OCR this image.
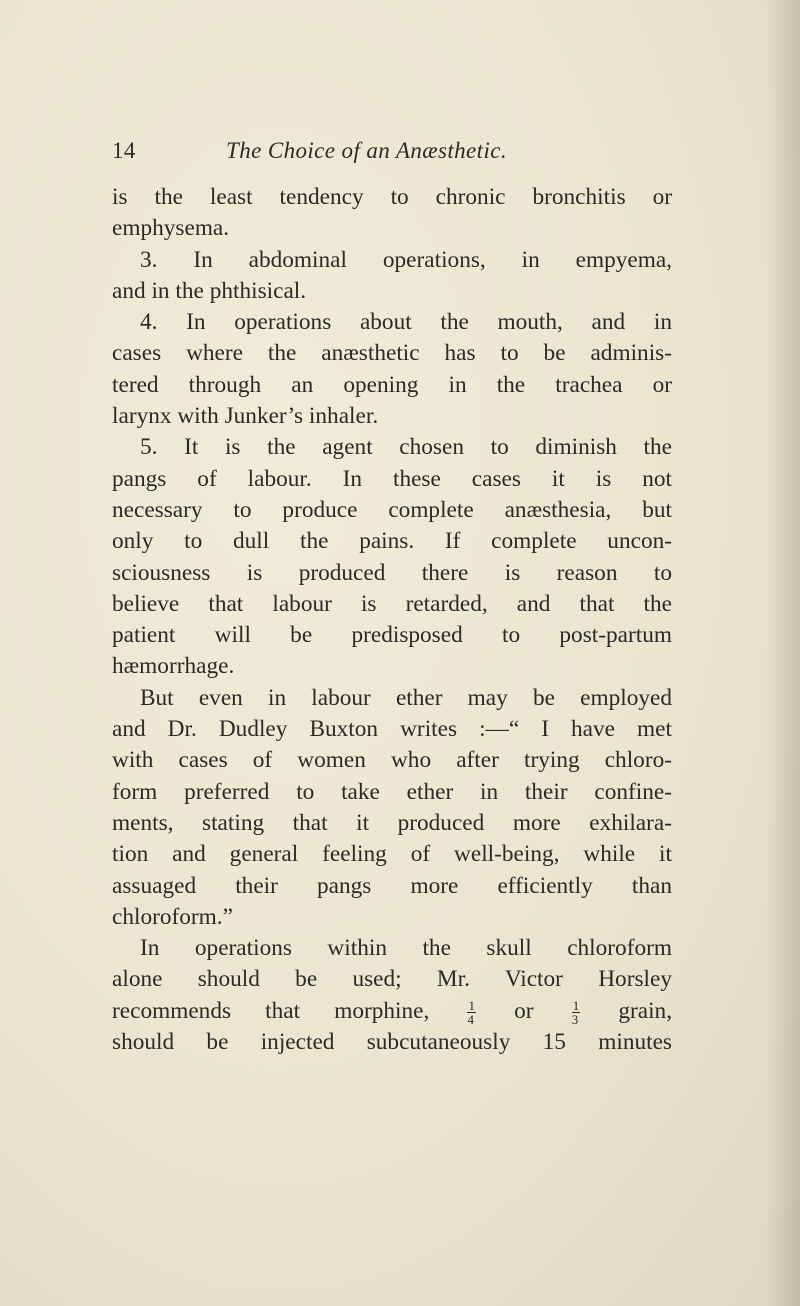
14	The Choice of an Anæsthetic.
is the least tendency to chronic bronchitis or
emphysema.
3. In abdominal operations, in empyema,
and in the phthisical.
4. In operations about the mouth, and in
cases where the anæsthetic has to be adminis-
tered through an opening in the trachea or
larynx with Junker’s inhaler.
5. It is the agent chosen to diminish the
pangs of labour. In these cases it is not
necessary to produce complete anæsthesia, but
only to dull the pains. If complete uncon-
sciousness is produced there is reason to
believe that labour is retarded, and that the
patient will be predisposed to post-partum
hæmorrhage.
But even in labour ether may be employed
and Dr. Dudley Buxton writes :—“ I have met
with cases of women who after trying chloro-
form preferred to take ether in their confine-
ments, stating that it produced more exhilara-
tion and general feeling of well-being, while it
assuaged their pangs more efficiently than
chloroform.”
In operations within the skull chloroform
alone should be used; Mr. Victor Horsley
recommends that morphine,	$\frac{1}{4}$ or	$\frac{1}{3}$ grain,
should be injected subcutaneously 15 minutes
